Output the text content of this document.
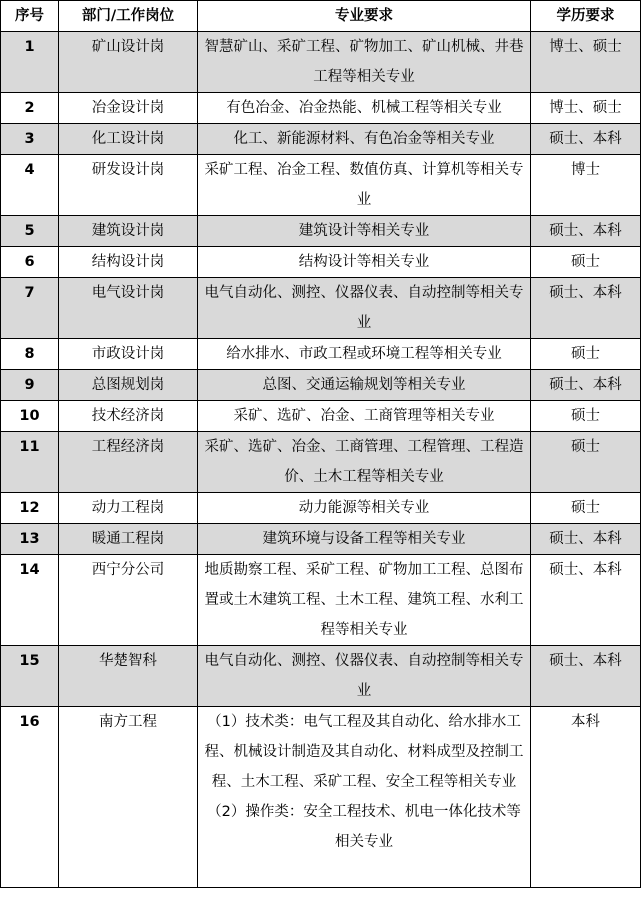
序号	部门/工作岗位	专业要求	学历要求
1	矿山设计岗	智慧矿山、采矿工程、矿物加工、矿山机械、井巷工程等相关专业	博士、硕士
2	冶金设计岗	有色冶金、冶金热能、机械工程等相关专业	博士、硕士
3	化工设计岗	化工、新能源材料、有色冶金等相关专业	硕士、本科
4	研发设计岗	采矿工程、冶金工程、数值仿真、计算机等相关专业	博士
5	建筑设计岗	建筑设计等相关专业	硕士、本科
6	结构设计岗	结构设计等相关专业	硕士
7	电气设计岗	电气自动化、测控、仪器仪表、自动控制等相关专业	硕士、本科
8	市政设计岗	给水排水、市政工程或环境工程等相关专业	硕士
9	总图规划岗	总图、交通运输规划等相关专业	硕士、本科
10	技术经济岗	采矿、选矿、冶金、工商管理等相关专业	硕士
11	工程经济岗	采矿、选矿、冶金、工商管理、工程管理、工程造价、土木工程等相关专业	硕士
12	动力工程岗	动力能源等相关专业	硕士
13	暖通工程岗	建筑环境与设备工程等相关专业	硕士、本科
14	西宁分公司	地质勘察工程、采矿工程、矿物加工工程、总图布置或土木建筑工程、土木工程、建筑工程、水利工程等相关专业	硕士、本科
15	华楚智科	电气自动化、测控、仪器仪表、自动控制等相关专业	硕士、本科
16	南方工程	（1）技术类：电气工程及其自动化、给水排水工程、机械设计制造及其自动化、材料成型及控制工程、土木工程、采矿工程、安全工程等相关专业
（2）操作类：安全工程技术、机电一体化技术等相关专业	本科
